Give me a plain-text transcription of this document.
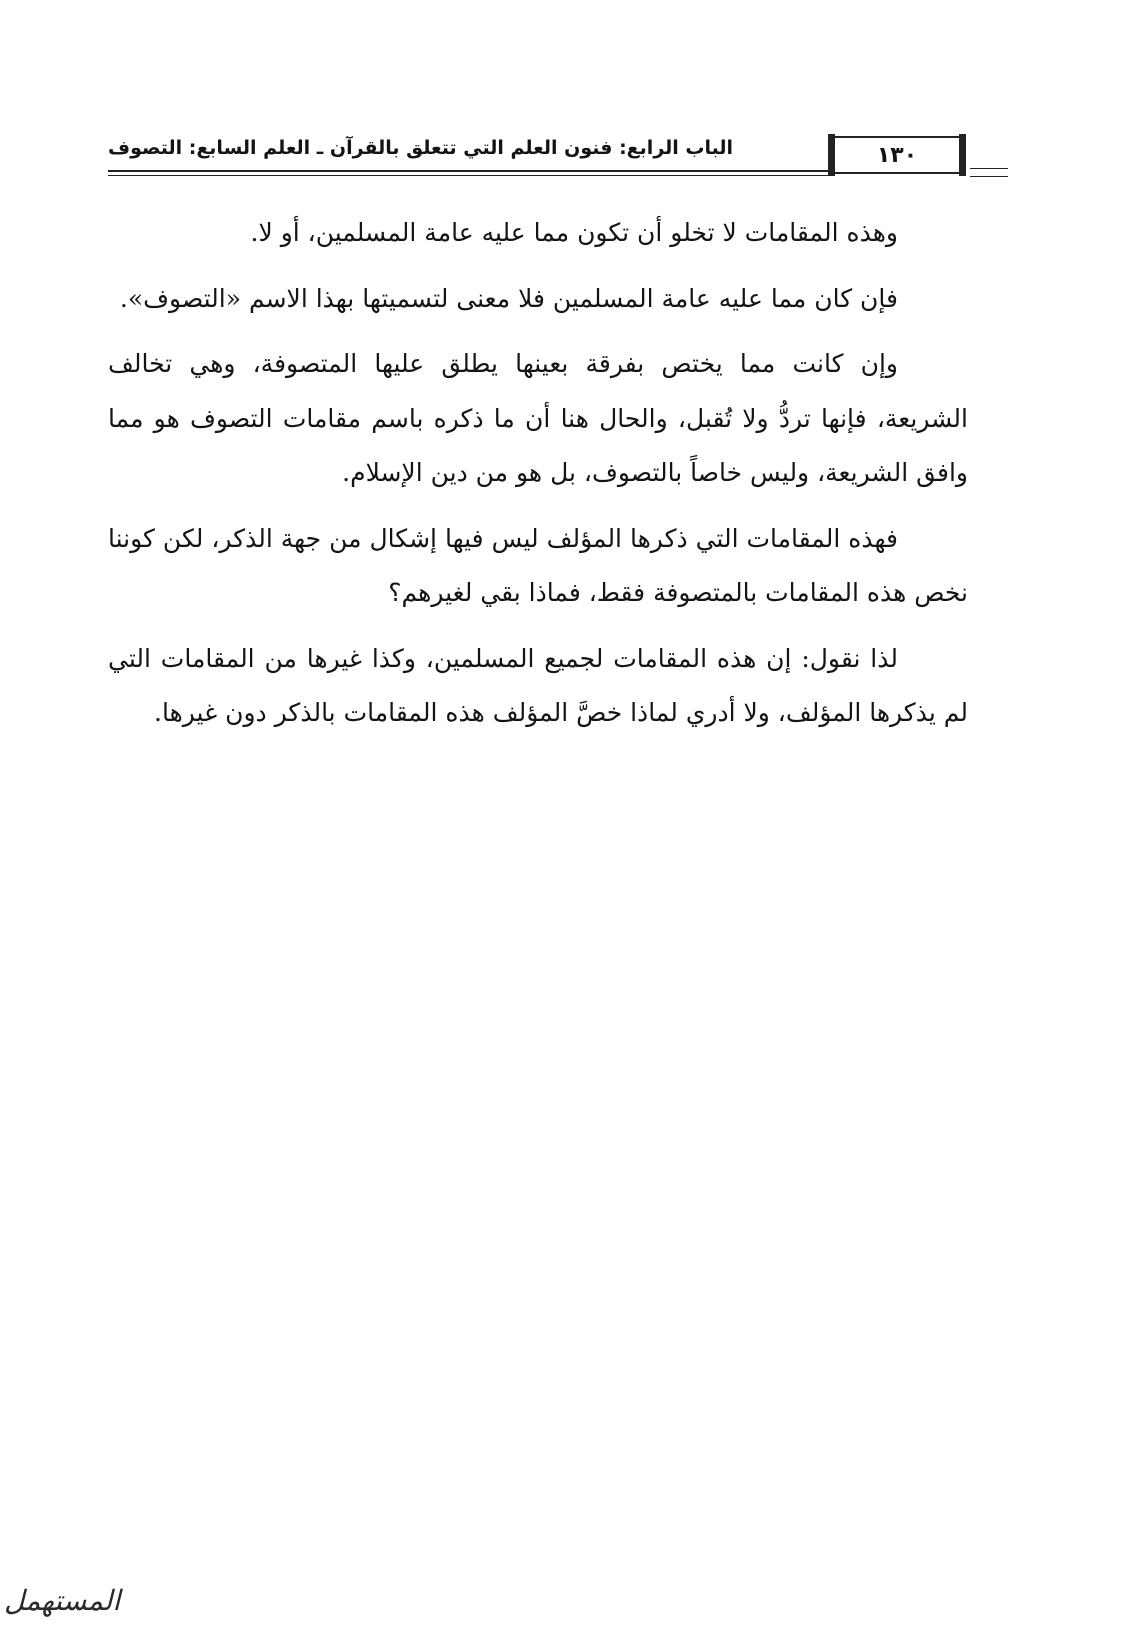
الباب الرابع: فنون العلم التي تتعلق بالقرآن ـ العلم السابع: التصوف	١٣٠

وهذه المقامات لا تخلو أن تكون مما عليه عامة المسلمين، أو لا.

فإن كان مما عليه عامة المسلمين فلا معنى لتسميتها بهذا الاسم «التصوف».

وإن كانت مما يختص بفرقة بعينها يطلق عليها المتصوفة، وهي تخالف الشريعة، فإنها تردُّ ولا تُقبل، والحال هنا أن ما ذكره باسم مقامات التصوف هو مما وافق الشريعة، وليس خاصاً بالتصوف، بل هو من دين الإسلام.

فهذه المقامات التي ذكرها المؤلف ليس فيها إشكال من جهة الذكر، لكن كوننا نخص هذه المقامات بالمتصوفة فقط، فماذا بقي لغيرهم؟

لذا نقول: إن هذه المقامات لجميع المسلمين، وكذا غيرها من المقامات التي لم يذكرها المؤلف، ولا أدري لماذا خصَّ المؤلف هذه المقامات بالذكر دون غيرها.

المستهمل
